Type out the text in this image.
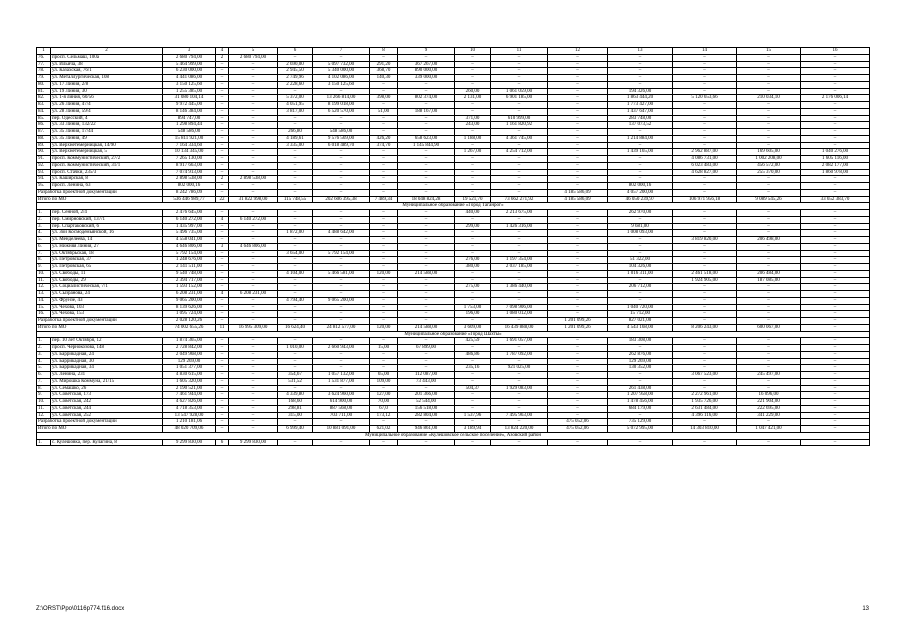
1	2	3	4	5	6	7	8	9	10	11	12	13	14	15	16
76.	просп. Сельмаш, 100а	2 680 794,00	2	2 680 794,00	–	–	–	–	–	–	–	–	–	–	–
77.	ул. Ильича, 38	5 464 999,00	–	–	2 690,00	5 097 732,00	291,20	367 267,00	–	–	–	–	–	–	–
78.	ул. Казахская, 76/1	6 230 000,00	–	–	2 945,50	5 340 000,00	368,70	890 000,00	–	–	–	–	–	–	–
79.	ул. Металлургическая, 108	4 441 086,00	–	–	2 749,96	4 102 086,00	140,30	339 000,00	–	–	–	–	–	–	–
80.	ул. 17 Линия, 2/8	3 150 125,60	–	–	2 228,60	3 150 125,60	–	–	–	–	–	–	–	–	–
81.	ул. 19 Линия, 30	1 255 385,00	–	–	–	–	–	–	260,00	1 061 059,00	–	194 326,00	–	–	–
82.	ул. 1-я линия, 60/56	31 080 104,14	–	–	5 372,00	13 266 814,00	398,00	802 374,00	2 131,00	6 901 185,00	–	1 863 444,20	5 120 653,66	210 034,10	2 176 006,14
83.	ул. 26 Линия, 47/4	9 972 445,00	–	–	4 051,95	8 199 018,00	–	–	–	–	–	1 773 427,00	–	–	–
84.	ул. 28 Линия, 59/4	8 146 384,00	–	–	3 817,00	6 520 570,00	51,00	188 167,00	–	–	–	1 437 647,00	–	–	–
85.	пер. Одесский, 4	894 747,00	–	–	–	–	–	–	371,00	610 999,00	–	283 748,00	–	–	–
86.	ул. 33 Линия, 132/22	1 298 894,44	–	–	–	–	–	–	243,00	1 161 820,92	–	137 073,52	–	–	–
87.	ул. 35 Линия, 17/44	548 586,00	–	–	266,80	548 586,00	–	–	–	–	–	–	–	–	–
88.	ул. 35 Линия, 49	15 811 921,00	–	–	4 189,61	9 576 569,00	426,20	658 623,00	1 188,00	4 361 745,00	–	1 214 884,00	–	–	–
89.	ул. Верхнетемерницкая, 14/90	7 164 334,60	–	–	3 335,00	6 018 489,70	374,70	1 145 844,90	–	–	–	–	–	–	–
90.	ул. Верхнетемерницкая, 5	10 134 345,00	–	–	–	–	–	–	1 267,00	4 254 712,00	–	1 439 165,00	2 962 887,00	169 605,00	1 040 276,00
91.	просп. Коммунистический, 27/2	7 265 130,00	–	–	–	–	–	–	–	–	–	–	4 086 731,00	1 002 208,00	1 605 116,00
92.	просп. Коммунистический, 31/1	8 917 663,00	–	–	–	–	–	–	–	–	–	–	6 023 483,00	456 572,00	2 082 177,00
93.	просп. Стачки, 235/3	7 074 913,00	–	–	–	–	–	–	–	–	–	–	4 628 827,00	255 370,00	1 860 978,00
94.	ул. Каширская, 8	2 898 538,00	2	2 898 538,00	–	–	–	–	–	–	–	–	–	–	–
95.	просп. Ленина, 63	802 000,16	–	–	–	–	–	–	–	–	–	802 000,16	–	–	–
Разработка проектной документации		8 242 786,09	–	–	–	–	–	–	–	–	4 185 586,09	4 057 200,00	–	–	–
Итого по МО		536 446 989,77	22	31 822 998,00	115 748,55	202 606 395,38	7 489,34	18 048 824,28	19 521,70	73 662 271,92	4 185 586,09	46 050 239,97	106 971 956,18	9 089 545,26	33 652 383,70
Муниципальное образование «Город Таганрог»															
1.	пер. Сенной, 2/4	2 476 645,00	–	–	–	–	–	–	440,00	2 213 675,00	–	262 970,00	–	–	–
2.	пер. Смирновский, 137/1	6 140 272,00	4	6 140 272,00	–	–	–	–	–	–	–	–	–	–	–
3.	пер. Спартаковский, 6	1 435 997,00	–	–	–	–	–	–	299,00	1 426 316,00	–	9 681,00	–	–	–
4.	ул. Зои Космодемьянской, 16	5 496 735,00	–	–	1 872,00	4 488 642,00	–	–	–	–	–	1 008 093,00	–	–	–
5.	ул. Менделеева, 14	4 558 041,00	–	–	–	–	–	–	–	–	–	–	3 819 820,00	206 498,00	–
6.	ул. Нижняя Линия, 27	4 646 806,00	3	4 646 806,00	–	–	–	–	–	–	–	–	–	–	–
7.	ул. Октябрьская, 18	5 792 154,00	–	–	3 654,00	5 792 154,00	–	–	–	–	–	–	–	–	–
8.	ул. Петровская, 37	1 248 676,00	–	–	–	–	–	–	276,00	1 197 354,00	–	51 322,00	–	–	–
9.	ул. Петровская, 65	2 141 511,00	–	–	–	–	–	–	380,00	2 037 185,00	–	104 326,00	–	–	–
10.	ул. Свободы, 11	9 540 748,00	–	–	4 104,00	5 466 581,00	120,00	214 588,00	–	–	–	1 016 311,00	2 461 518,00	206 484,00	–
11.	ул. Свободы, 29	2 394 717,00	–	–	–	–	–	–	–	–	–	–	1 924 905,00	187 085,00	–
12.	ул. Социалистическая, 7/1	1 593 152,00	–	–	–	–	–	–	275,00	1 386 440,00	–	206 712,00	–	–	–
13.	ул. Сызранова, 24	6 208 231,00	4	6 208 231,00	–	–	–	–	–	–	–	–	–	–	–
14.	ул. Фрунзе, 43	9 065 200,00	–	–	4 794,40	9 065 200,00	–	–	–	–	–	–	–	–	–
15.	ул. Чехова, 103	8 139 626,00	–	–	–	–	–	–	1 753,00	7 098 906,00	–	1 040 720,00	–	–	–
16.	ул. Чехова, 153	1 095 724,00	–	–	–	–	–	–	196,00	1 080 012,00	–	15 712,00	–	–	–
Разработка проектной документации		2 028 120,26	–	–	–	–	–	–	–	–	1 201 099,26	827 021,00	–	–	–
Итого по МО		74 002 655,26	11	16 995 309,00	16 624,40	24 812 577,00	120,00	214 588,00	3 609,00	16 439 888,00	1 201 099,26	4 543 168,00	8 206 243,00	600 067,00	–
Муниципальное образование «Город Шахты»															
1.	пер. 10 лет Октября, 12	1 874 365,00	–	–	–	–	–	–	425,59	1 691 057,00	–	183 308,00	–	–	–
2.	просп. Чернокозова, 148	2 728 842,00	–	–	1 010,00	2 660 943,00	15,00	67 899,00	–	–	–	–	–	–	–
3.	ул. Баррикадная, 24	2 049 968,00	–	–	–	–	–	–	486,86	1 787 092,00	–	262 876,00	–	–	–
4.	ул. Баррикадная, 30	129 269,00	–	–	–	–	–	–	–	–	–	129 269,00	–	–	–
5.	ул. Баррикадная, 34	1 051 377,00	–	–	–	–	–	–	235,16	921 025,00	–	130 352,00	–	–	–
6.	ул. Ленина, 231	4 830 615,00	–	–	354,67	1 057 132,00	65,00	112 087,00	–	–	–	–	3 067 523,00	245 497,00	–
7.	ул. Мирошка Коммуна, 21/15	1 605 320,00	–	–	531,52	1 531 877,00	109,00	73 443,00	–	–	–	–	–	–	–
8.	ул. Семашко, 26	2 190 521,00	–	–	–	–	–	–	504,37	1 929 083,00	–	261 438,00	–	–	–
9.	ул. Советская, 173	7 461 944,00	–	–	4 339,80	3 624 960,00	127,00	201 366,00	–	–	–	1 207 958,00	2 272 961,00	16 096,00	–
10.	ул. Советская, 242	4 627 826,00	–	–	168,60	614 900,00	70,00	52 544,00	–	–	–	1 478 456,00	1 935 726,00	221 904,00	–
11.	ул. Советская, 244	4 718 353,00	–	–	298,81	887 568,00	67,0	156 518,00	–	–	–	684 179,00	2 631 484,00	222 695,00	–
12.	ул. Советская, 252	13 547 928,00	–	–	315,00	703 711,00	173,12	282 804,00	1 537,96	7 495 963,00	–	–	4 396 116,00	341 229,00	–
Разработка проектной документации		1 210 181,06	–	–	–	–	–	–	–	–	475 052,06	735 129,00	–	–	–
Итого по МО		48 020 709,06	–	–	6 999,40	10 881 091,00	621,02	946 861,00	3 189,94	13 824 220,00	475 052,06	5 072 995,00	14 303 810,00	1 047 421,00	–
Муниципальное образование «Кулешовское сельское поселение», Азовский район															
1.	с. Кулешовка, пер. Кулагина, 8	9 299 830,00	6	9 299 830,00	–	–	–	–	–	–	–	–	–	–	–
Z:\ORST\Ppo\0116p774.f16.docx	13
